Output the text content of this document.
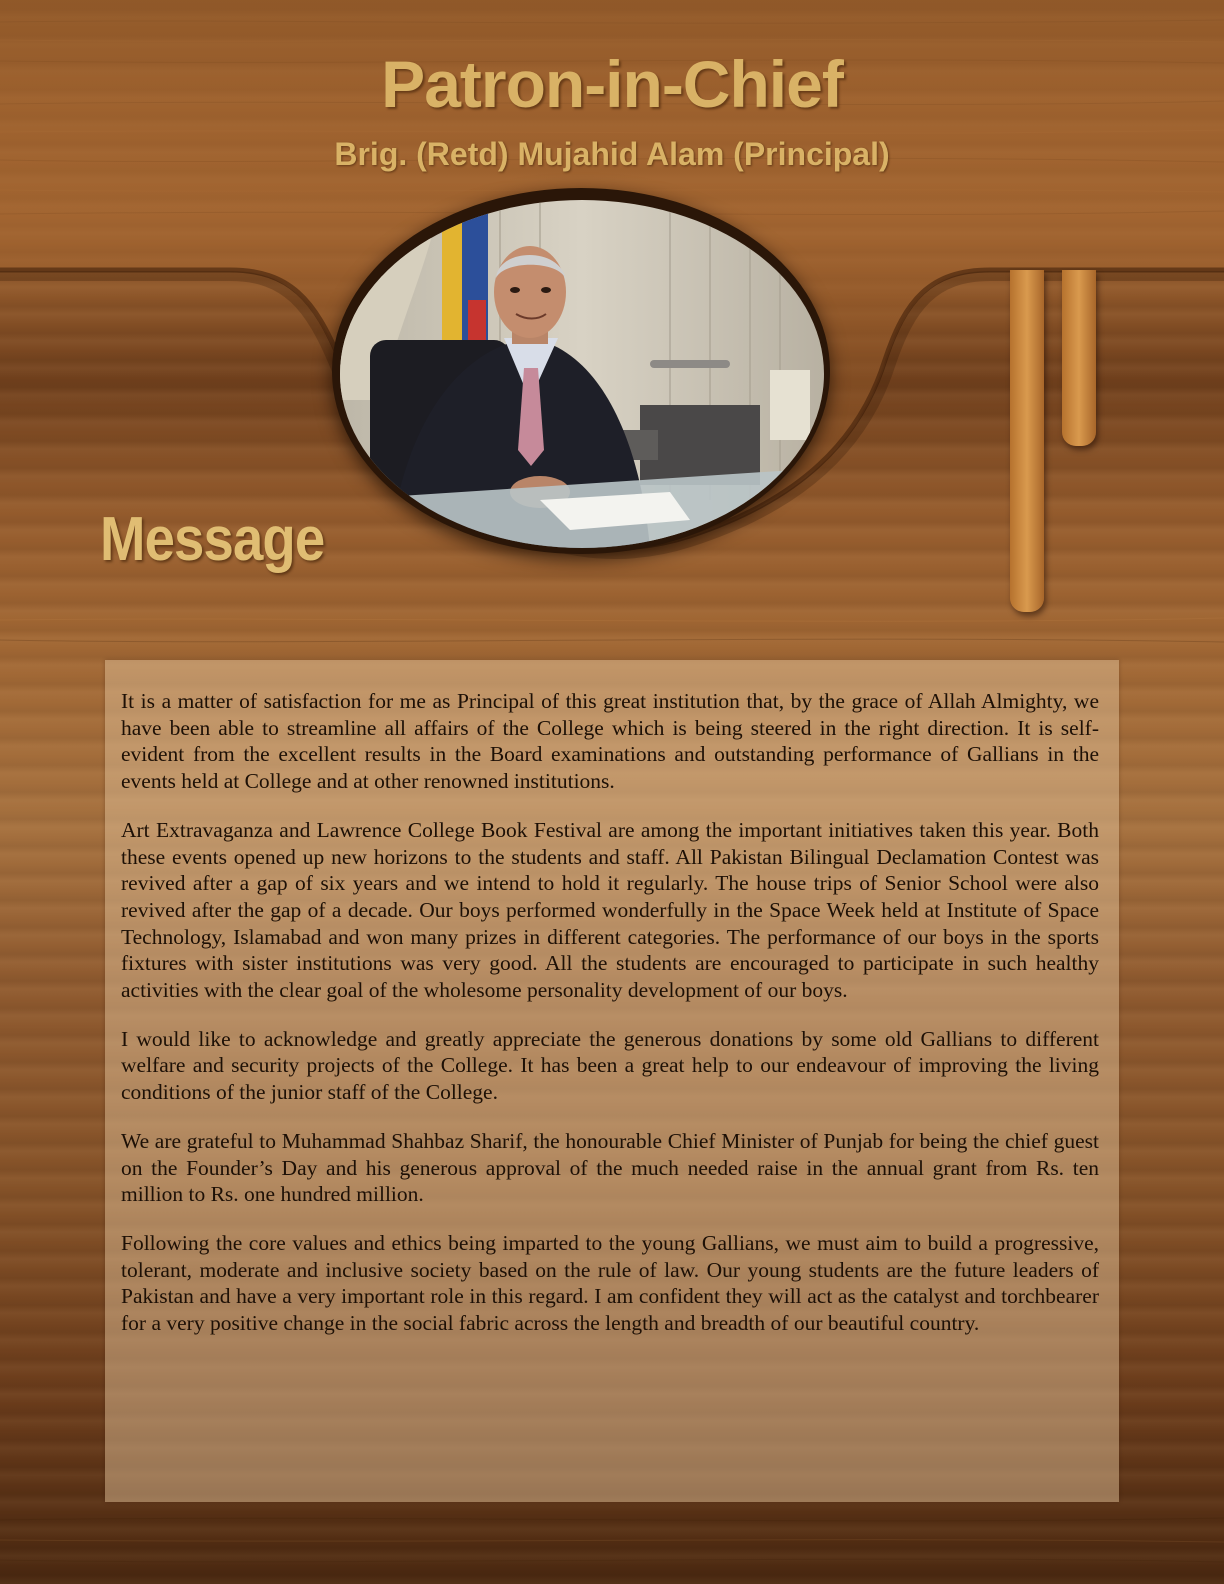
Patron-in-Chief
Brig. (Retd) Mujahid Alam (Principal)
Message

It is a matter of satisfaction for me as Principal of this great institution that, by the grace of Allah Almighty, we have been able to streamline all affairs of the College which is being steered in the right direction. It is self-evident from the excellent results in the Board examinations and outstanding performance of Gallians in the events held at College and at other renowned institutions.

Art Extravaganza and Lawrence College Book Festival are among the important initiatives taken this year. Both these events opened up new horizons to the students and staff. All Pakistan Bilingual Declamation Contest was revived after a gap of six years and we intend to hold it regularly. The house trips of Senior School were also revived after the gap of a decade. Our boys performed wonderfully in the Space Week held at Institute of Space Technology, Islamabad and won many prizes in different categories. The performance of our boys in the sports fixtures with sister institutions was very good. All the students are encouraged to participate in such healthy activities with the clear goal of the wholesome personality development of our boys.

I would like to acknowledge and greatly appreciate the generous donations by some old Gallians to different welfare and security projects of the College. It has been a great help to our endeavour of improving the living conditions of the junior staff of the College.

We are grateful to Muhammad Shahbaz Sharif, the honourable Chief Minister of Punjab for being the chief guest on the Founder’s Day and his generous approval of the much needed raise in the annual grant from Rs. ten million to Rs. one hundred million.

Following the core values and ethics being imparted to the young Gallians, we must aim to build a progressive, tolerant, moderate and inclusive society based on the rule of law. Our young students are the future leaders of Pakistan and have a very important role in this regard. I am confident they will act as the catalyst and torchbearer for a very positive change in the social fabric across the length and breadth of our beautiful country.
